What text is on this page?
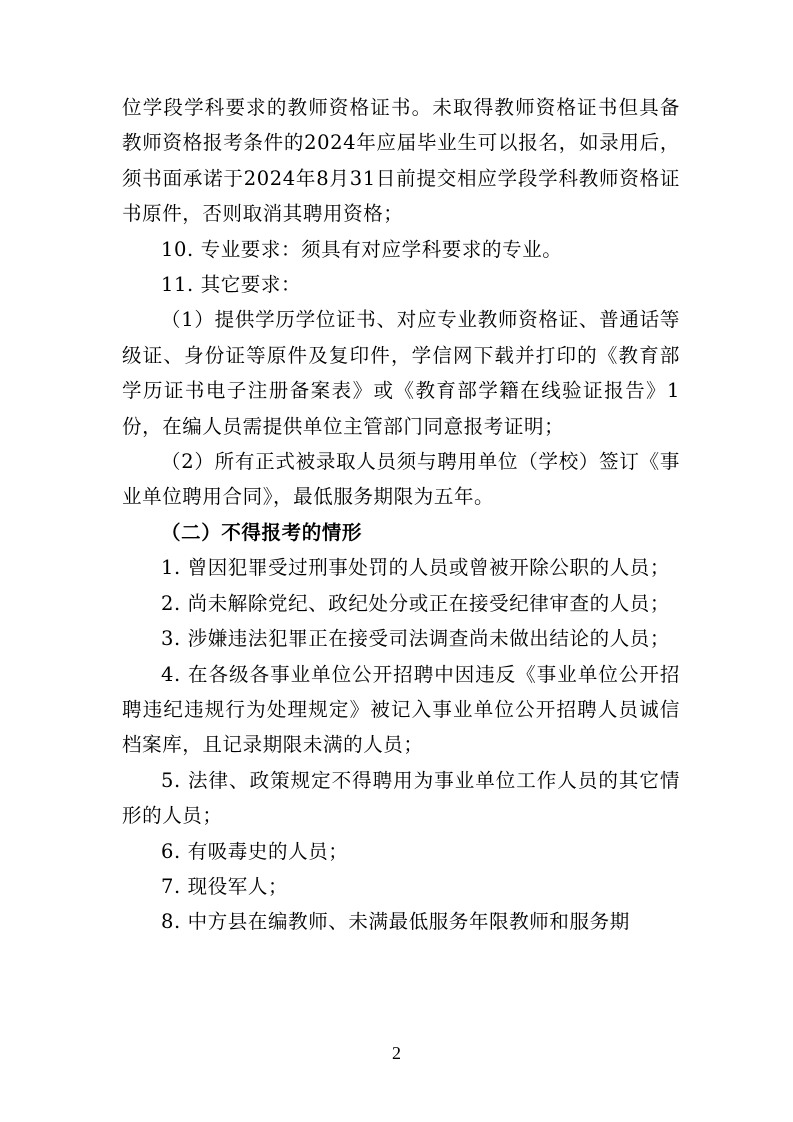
位学段学科要求的教师资格证书。未取得教师资格证书但具备教师资格报考条件的2024年应届毕业生可以报名，如录用后，须书面承诺于2024年8月31日前提交相应学段学科教师资格证书原件，否则取消其聘用资格；

10. 专业要求：须具有对应学科要求的专业。

11. 其它要求：

（1）提供学历学位证书、对应专业教师资格证、普通话等级证、身份证等原件及复印件，学信网下载并打印的《教育部学历证书电子注册备案表》或《教育部学籍在线验证报告》1份，在编人员需提供单位主管部门同意报考证明；

（2）所有正式被录取人员须与聘用单位（学校）签订《事业单位聘用合同》，最低服务期限为五年。

（二）不得报考的情形

1. 曾因犯罪受过刑事处罚的人员或曾被开除公职的人员；

2. 尚未解除党纪、政纪处分或正在接受纪律审查的人员；

3. 涉嫌违法犯罪正在接受司法调查尚未做出结论的人员；

4. 在各级各事业单位公开招聘中因违反《事业单位公开招聘违纪违规行为处理规定》被记入事业单位公开招聘人员诚信档案库，且记录期限未满的人员；

5. 法律、政策规定不得聘用为事业单位工作人员的其它情形的人员；

6. 有吸毒史的人员；

7. 现役军人；

8. 中方县在编教师、未满最低服务年限教师和服务期

2
